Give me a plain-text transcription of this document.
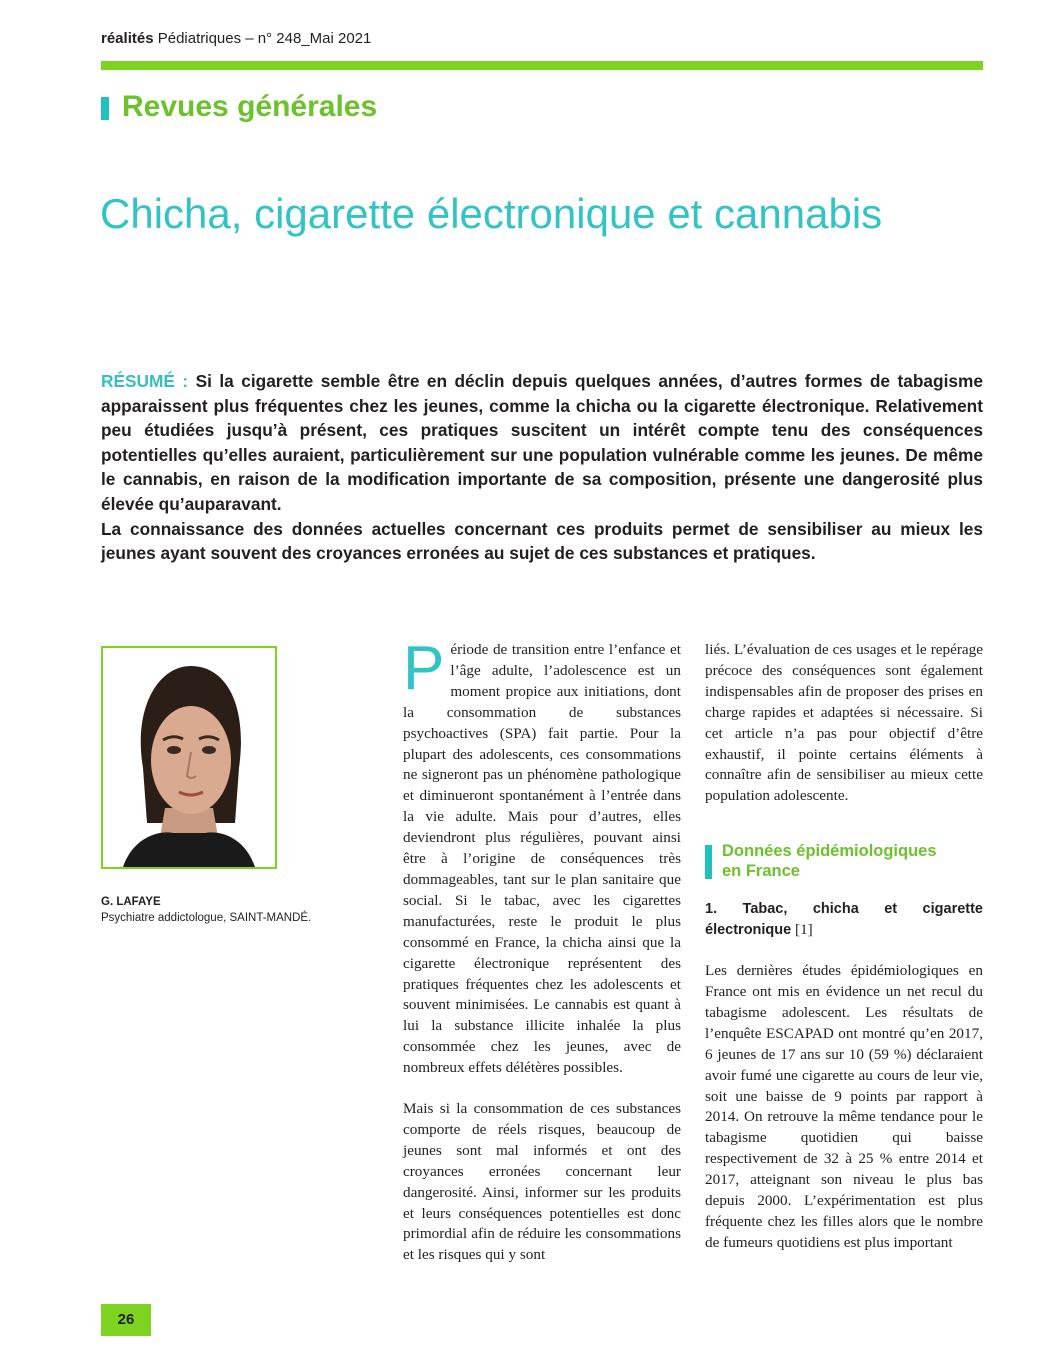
réalités Pédiatriques – n° 248_Mai 2021
Revues générales
Chicha, cigarette électronique et cannabis

RÉSUMÉ : Si la cigarette semble être en déclin depuis quelques années, d’autres formes de tabagisme apparaissent plus fréquentes chez les jeunes, comme la chicha ou la cigarette électronique. Relativement peu étudiées jusqu’à présent, ces pratiques suscitent un intérêt compte tenu des conséquences potentielles qu’elles auraient, particulièrement sur une population vulnérable comme les jeunes. De même le cannabis, en raison de la modification importante de sa composition, présente une dangerosité plus élevée qu’auparavant.

La connaissance des données actuelles concernant ces produits permet de sensibiliser au mieux les jeunes ayant souvent des croyances erronées au sujet de ces substances et pratiques.

G. LAFAYE
Psychiatre addictologue, SAINT-MANDÉ.

Période de transition entre l’enfance et l’âge adulte, l’adolescence est un moment propice aux initiations, dont la consommation de substances psychoactives (SPA) fait partie. Pour la plupart des adolescents, ces consommations ne signeront pas un phénomène pathologique et diminueront spontanément à l’entrée dans la vie adulte. Mais pour d’autres, elles deviendront plus régulières, pouvant ainsi être à l’origine de conséquences très dommageables, tant sur le plan sanitaire que social. Si le tabac, avec les cigarettes manufacturées, reste le produit le plus consommé en France, la chicha ainsi que la cigarette électronique représentent des pratiques fréquentes chez les adolescents et souvent minimisées. Le cannabis est quant à lui la substance illicite inhalée la plus consommée chez les jeunes, avec de nombreux effets délétères possibles.

Mais si la consommation de ces substances comporte de réels risques, beaucoup de jeunes sont mal informés et ont des croyances erronées concernant leur dangerosité. Ainsi, informer sur les produits et leurs conséquences potentielles est donc primordial afin de réduire les consommations et les risques qui y sont

liés. L’évaluation de ces usages et le repérage précoce des conséquences sont également indispensables afin de proposer des prises en charge rapides et adaptées si nécessaire. Si cet article n’a pas pour objectif d’être exhaustif, il pointe certains éléments à connaître afin de sensibiliser au mieux cette population adolescente.

Données épidémiologiques
en France
1. Tabac, chicha et cigarette électronique [1]

Les dernières études épidémiologiques en France ont mis en évidence un net recul du tabagisme adolescent. Les résultats de l’enquête ESCAPAD ont montré qu’en 2017, 6 jeunes de 17 ans sur 10 (59 %) déclaraient avoir fumé une cigarette au cours de leur vie, soit une baisse de 9 points par rapport à 2014. On retrouve la même tendance pour le tabagisme quotidien qui baisse respectivement de 32 à 25 % entre 2014 et 2017, atteignant son niveau le plus bas depuis 2000. L’expérimentation est plus fréquente chez les filles alors que le nombre de fumeurs quotidiens est plus important

26
